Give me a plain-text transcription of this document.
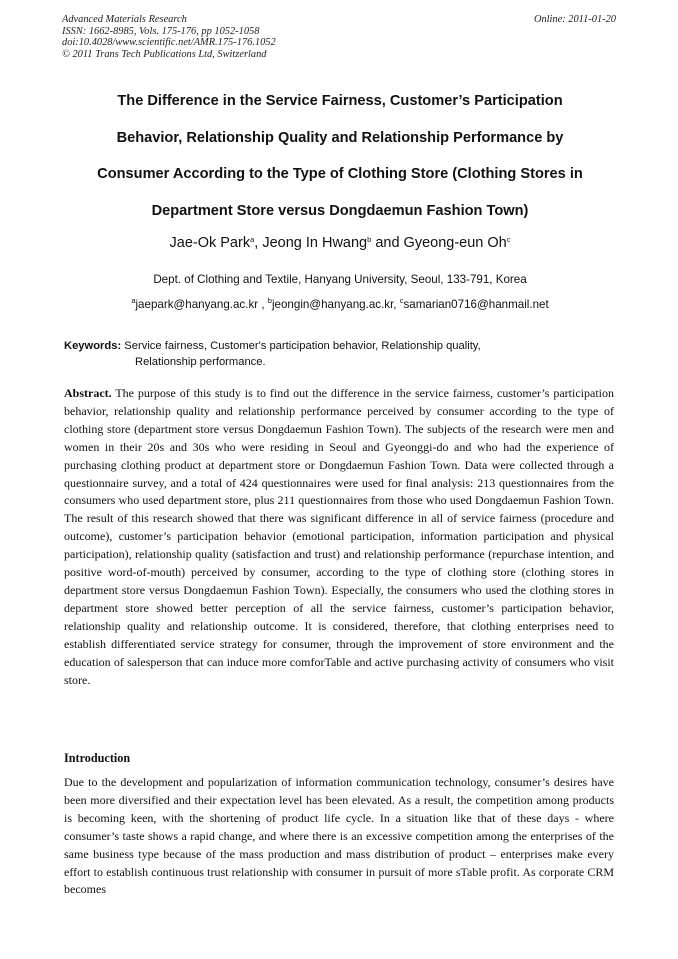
Advanced Materials Research
ISSN: 1662-8985, Vols. 175-176, pp 1052-1058
doi:10.4028/www.scientific.net/AMR.175-176.1052
© 2011 Trans Tech Publications Ltd, Switzerland
Online: 2011-01-20
The Difference in the Service Fairness, Customer’s Participation
Behavior, Relationship Quality and Relationship Performance by
Consumer According to the Type of Clothing Store (Clothing Stores in
Department Store versus Dongdaemun Fashion Town)
Jae-Ok Park$^a$, Jeong In Hwang$^b$ and Gyeong-eun Oh$^c$
Dept. of Clothing and Textile, Hanyang University, Seoul, 133-791, Korea
$^a$jaepark@hanyang.ac.kr , $^b$jeongin@hanyang.ac.kr, $^c$samarian0716@hanmail.net
Keywords: Service fairness, Customer's participation behavior, Relationship quality,
Relationship performance.
Abstract. The purpose of this study is to find out the difference in the service fairness, customer’s participation behavior, relationship quality and relationship performance perceived by consumer according to the type of clothing store (department store versus Dongdaemun Fashion Town). The subjects of the research were men and women in their 20s and 30s who were residing in Seoul and Gyeonggi-do and who had the experience of purchasing clothing product at department store or Dongdaemun Fashion Town. Data were collected through a questionnaire survey, and a total of 424 questionnaires were used for final analysis: 213 questionnaires from the consumers who used department store, plus 211 questionnaires from those who used Dongdaemun Fashion Town. The result of this research showed that there was significant difference in all of service fairness (procedure and outcome), customer’s participation behavior (emotional participation, information participation and physical participation), relationship quality (satisfaction and trust) and relationship performance (repurchase intention, and positive word-of-mouth) perceived by consumer, according to the type of clothing store (clothing stores in department store versus Dongdaemun Fashion Town). Especially, the consumers who used the clothing stores in department store showed better perception of all the service fairness, customer’s participation behavior, relationship quality and relationship outcome. It is considered, therefore, that clothing enterprises need to establish differentiated service strategy for consumer, through the improvement of store environment and the education of salesperson that can induce more comforTable and active purchasing activity of consumers who visit store.
Introduction
Due to the development and popularization of information communication technology, consumer’s desires have been more diversified and their expectation level has been elevated. As a result, the competition among products is becoming keen, with the shortening of product life cycle. In a situation like that of these days - where consumer’s taste shows a rapid change, and where there is an excessive competition among the enterprises of the same business type because of the mass production and mass distribution of product – enterprises make every effort to establish continuous trust relationship with consumer in pursuit of more sTable profit. As corporate CRM becomes
